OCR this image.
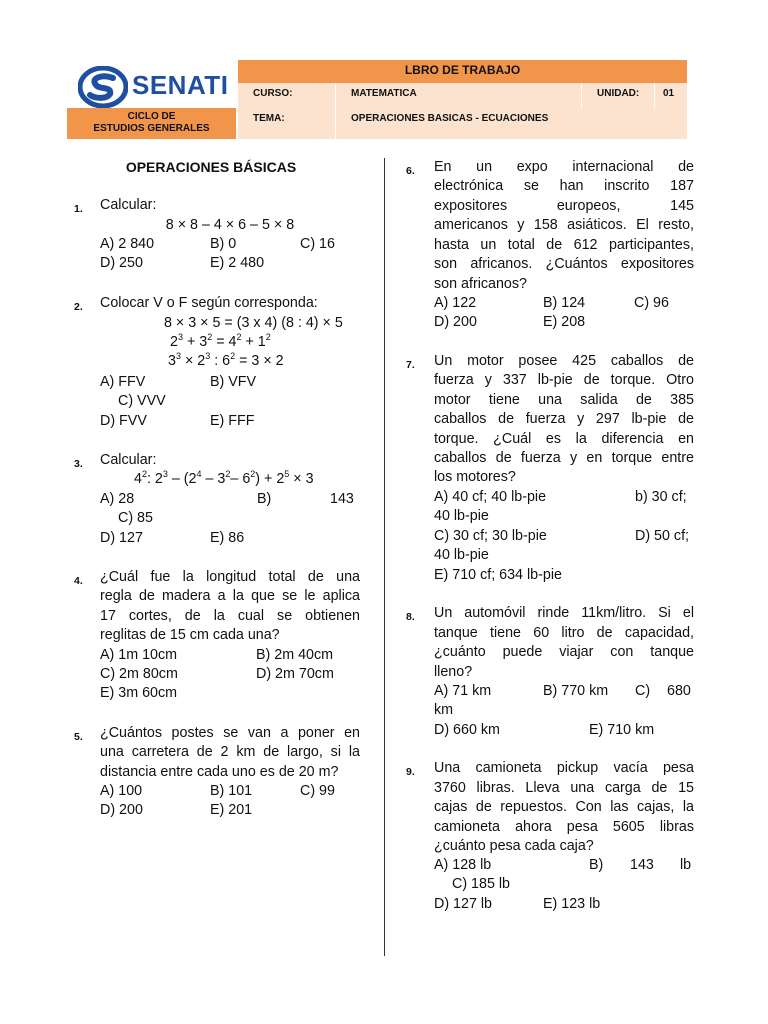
SENATI
CICLO DE
ESTUDIOS GENERALES
LBRO DE TRABAJO
CURSO:	MATEMATICA	UNIDAD:	01
TEMA:	OPERACIONES BASICAS - ECUACIONES
OPERACIONES BÁSICAS
1. Calcular:
8 × 8 – 4 × 6 – 5 × 8
A) 2 840	B) 0	C) 16
D) 250	E) 2 480
2. Colocar V o F según corresponda:
8 × 3 × 5 = (3 x 4) (8 : 4) × 5
$2^3 + 3^2 = 4^2 + 1^2$
$3^3 \times 2^3$ : $6^2 = 3 \times 2$
A) FFV	B) VFV
C) VVV
D) FVV	E) FFF
3. Calcular:
$4^2$: $2^3 - (2^4 - 3^2-$ $6^2) + 2^5 \times 3$
A) 28	B)	143
C) 85
D) 127	E) 86
4. ¿Cuál fue la longitud total de una
regla de madera a la que se le aplica
17 cortes, de la cual se obtienen
reglitas de 15 cm cada una?
A) 1m 10cm	B) 2m 40cm
C) 2m 80cm	D) 2m 70cm
E) 3m 60cm
5. ¿Cuántos postes se van a poner en
una carretera de 2 km de largo, si la
distancia entre cada uno es de 20 m?
A) 100	B) 101	C) 99
D) 200	E) 201
6. En un expo internacional de
electrónica se han inscrito 187
expositores europeos, 145
americanos y 158 asiáticos. El resto,
hasta un total de 612 participantes,
son africanos. ¿Cuántos expositores
son africanos?
A) 122	B) 124	C) 96
D) 200	E) 208
7. Un motor posee 425 caballos de
fuerza y 337 lb-pie de torque. Otro
motor tiene una salida de 385
caballos de fuerza y 297 lb-pie de
torque. ¿Cuál es la diferencia en
caballos de fuerza y en torque entre
los motores?
A) 40 cf; 40 lb-pie	b) 30 cf;
40 lb-pie
C) 30 cf; 30 lb-pie	D) 50 cf;
40 lb-pie
E) 710 cf; 634 lb-pie
8. Un automóvil rinde 11km/litro. Si el
tanque tiene 60 litro de capacidad,
¿cuánto puede viajar con tanque
lleno?
A) 71 km	B) 770 km C) 680
km
D) 660 km	E) 710 km
9. Una camioneta pickup vacía pesa
3760 libras. Lleva una carga de 15
cajas de repuestos. Con las cajas, la
camioneta ahora pesa 5605 libras
¿cuánto pesa cada caja?
A) 128 lb	B) 143 lb
C) 185 lb
D) 127 lb	E) 123 lb
